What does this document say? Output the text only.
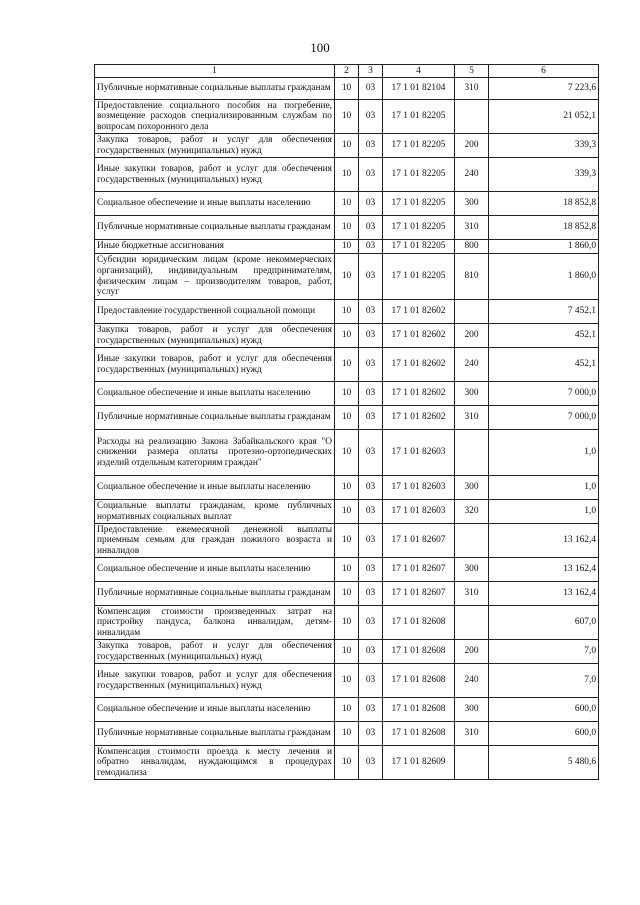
100
1	2	3	4	5	6
Публичные нормативные социальные выплаты гражданам	10	03	17 1 01 82104	310	7 223,6
Предоставление социального пособия на погребение, возмещение расходов специализированным службам по вопросам похоронного дела	10	03	17 1 01 82205		21 052,1
Закупка товаров, работ и услуг для обеспечения государственных (муниципальных) нужд	10	03	17 1 01 82205	200	339,3
Иные закупки товаров, работ и услуг для обеспечения государственных (муниципальных) нужд	10	03	17 1 01 82205	240	339,3
Социальное обеспечение и иные выплаты населению	10	03	17 1 01 82205	300	18 852,8
Публичные нормативные социальные выплаты гражданам	10	03	17 1 01 82205	310	18 852,8
Иные бюджетные ассигнования	10	03	17 1 01 82205	800	1 860,0
Субсидии юридическим лицам (кроме некоммерческих организаций), индивидуальным предпринимателям, физическим лицам – производителям товаров, работ, услуг	10	03	17 1 01 82205	810	1 860,0
Предоставление государственной социальной помощи	10	03	17 1 01 82602		7 452,1
Закупка товаров, работ и услуг для обеспечения государственных (муниципальных) нужд	10	03	17 1 01 82602	200	452,1
Иные закупки товаров, работ и услуг для обеспечения государственных (муниципальных) нужд	10	03	17 1 01 82602	240	452,1
Социальное обеспечение и иные выплаты населению	10	03	17 1 01 82602	300	7 000,0
Публичные нормативные социальные выплаты гражданам	10	03	17 1 01 82602	310	7 000,0
Расходы на реализацию Закона Забайкальского края "О снижении размера оплаты протезно-ортопедических изделий отдельным категориям граждан"	10	03	17 1 01 82603		1,0
Социальное обеспечение и иные выплаты населению	10	03	17 1 01 82603	300	1,0
Социальные выплаты гражданам, кроме публичных нормативных социальных выплат	10	03	17 1 01 82603	320	1,0
Предоставление ежемесячной денежной выплаты приемным семьям для граждан пожилого возраста и инвалидов	10	03	17 1 01 82607		13 162,4
Социальное обеспечение и иные выплаты населению	10	03	17 1 01 82607	300	13 162,4
Публичные нормативные социальные выплаты гражданам	10	03	17 1 01 82607	310	13 162,4
Компенсация стоимости произведенных затрат на пристройку пандуса, балкона инвалидам, детям-инвалидам	10	03	17 1 01 82608		607,0
Закупка товаров, работ и услуг для обеспечения государственных (муниципальных) нужд	10	03	17 1 01 82608	200	7,0
Иные закупки товаров, работ и услуг для обеспечения государственных (муниципальных) нужд	10	03	17 1 01 82608	240	7,0
Социальное обеспечение и иные выплаты населению	10	03	17 1 01 82608	300	600,0
Публичные нормативные социальные выплаты гражданам	10	03	17 1 01 82608	310	600,0
Компенсация стоимости проезда к месту лечения и обратно инвалидам, нуждающимся в процедурах гемодиализа	10	03	17 1 01 82609		5 480,6
